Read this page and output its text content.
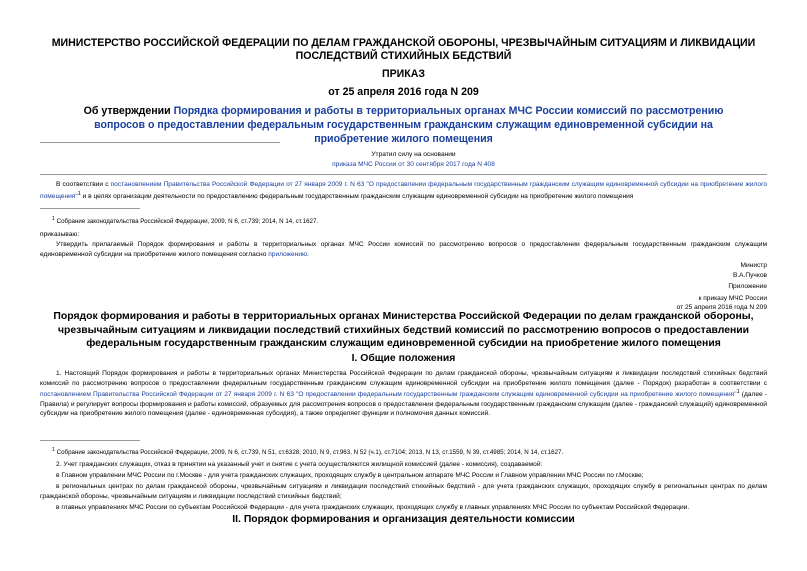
МИНИСТЕРСТВО РОССИЙСКОЙ ФЕДЕРАЦИИ ПО ДЕЛАМ ГРАЖДАНСКОЙ ОБОРОНЫ, ЧРЕЗВЫЧАЙНЫМ СИТУАЦИЯМ И ЛИКВИДАЦИИ ПОСЛЕДСТВИЙ СТИХИЙНЫХ БЕДСТВИЙ
ПРИКАЗ
от 25 апреля 2016 года N 209
Об утверждении Порядка формирования и работы в территориальных органах МЧС России комиссий по рассмотрению вопросов о предоставлении федеральным государственным гражданским служащим единовременной субсидии на приобретение жилого помещения
Утратил силу на основании
приказа МЧС России от 30 сентября 2017 года N 408
В соответствии с постановлением Правительства Российской Федерации от 27 января 2009 г. N 63 "О предоставлении федеральным государственным гражданским служащим единовременной субсидии на приобретение жилого помещения"$^1$ и в целях организации деятельности по предоставлению федеральным государственным гражданским служащим единовременной субсидии на приобретение жилого помещения
$^1$ Собрание законодательства Российской Федерации, 2009, N 6, ст.739; 2014, N 14, ст.1627.
приказываю:
Утвердить прилагаемый Порядок формирования и работы в территориальных органах МЧС России комиссий по рассмотрению вопросов о предоставлении федеральным государственным гражданским служащим единовременной субсидии на приобретение жилого помещения согласно приложению.
Министр
В.А.Пучков
Приложение
к приказу МЧС России
от 25 апреля 2016 года N 209
Порядок формирования и работы в территориальных органах Министерства Российской Федерации по делам гражданской обороны, чрезвычайным ситуациям и ликвидации последствий стихийных бедствий комиссий по рассмотрению вопросов о предоставлении федеральным государственным гражданским служащим единовременной субсидии на приобретение жилого помещения
I. Общие положения
1. Настоящий Порядок формирования и работы в территориальных органах Министерства Российской Федерации по делам гражданской обороны, чрезвычайным ситуациям и ликвидации последствий стихийных бедствий комиссий по рассмотрению вопросов о предоставлении федеральным государственным гражданским служащим единовременной субсидии на приобретение жилого помещения (далее - Порядок) разработан в соответствии с постановлением Правительства Российской Федерации от 27 января 2009 г. N 63 "О предоставлении федеральным государственным гражданским служащим единовременной субсидии на приобретение жилого помещения"$^1$ (далее - Правила) и регулирует вопросы формирования и работы комиссий, образуемых для рассмотрения вопросов о предоставлении федеральным государственным гражданским служащим (далее - гражданский служащий) единовременной субсидии на приобретение жилого помещения (далее - единовременная субсидия), а также определяет функции и полномочия данных комиссий.
$^1$ Собрание законодательства Российской Федерации, 2009, N 6, ст.739, N 51, ст.6328; 2010, N 9, ст.963, N 52 (ч.1), ст.7104; 2013, N 13, ст.1559, N 39, ст.4985; 2014, N 14, ст.1627.
2. Учет гражданских служащих, отказ в принятии на указанный учет и снятие с учета осуществляются жилищной комиссией (далее - комиссия), создаваемой:
в Главном управлении МЧС России по г.Москве - для учета гражданских служащих, проходящих службу в центральном аппарате МЧС России и Главном управлении МЧС России по г.Москве;
в региональных центрах по делам гражданской обороны, чрезвычайным ситуациям и ликвидации последствий стихийных бедствий - для учета гражданских служащих, проходящих службу в региональных центрах по делам гражданской обороны, чрезвычайным ситуациям и ликвидации последствий стихийных бедствий;
в главных управлениях МЧС России по субъектам Российской Федерации - для учета гражданских служащих, проходящих службу в главных управлениях МЧС России по субъектам Российской Федерации.
II. Порядок формирования и организация деятельности комиссии
